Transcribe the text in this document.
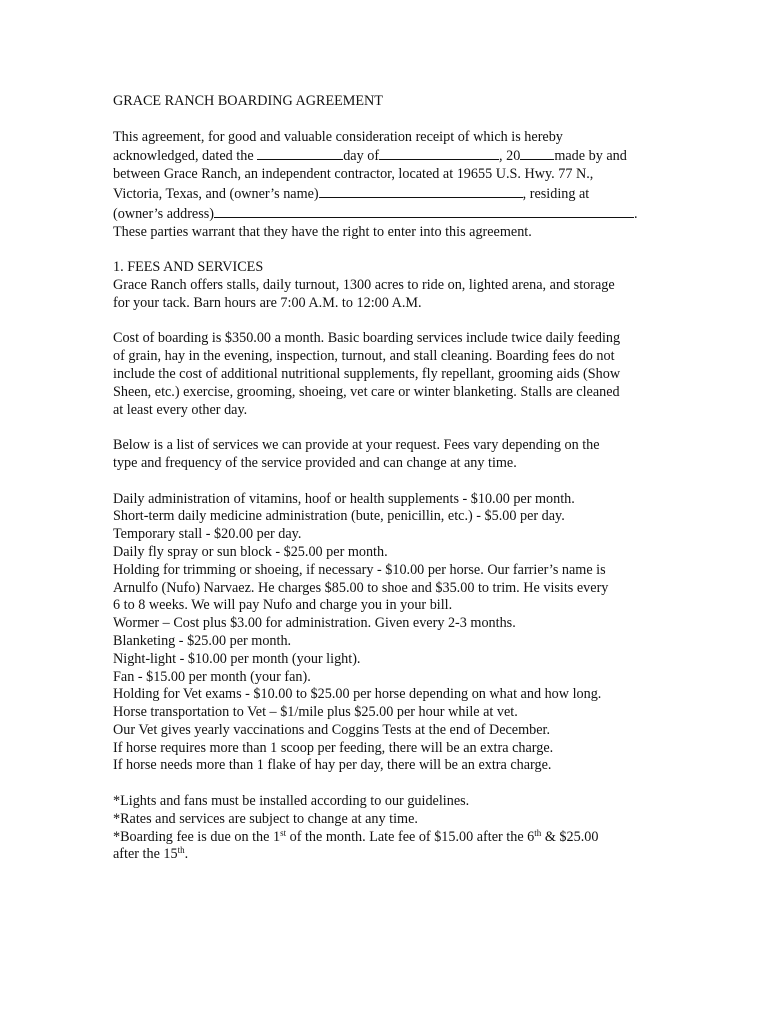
GRACE RANCH BOARDING AGREEMENT
This agreement, for good and valuable consideration receipt of which is hereby
acknowledged, dated the	day of	, 20 made by and
between Grace Ranch, an independent contractor, located at 19655 U.S. Hwy. 77 N.,
Victoria, Texas, and (owner’s name)	, residing at
(owner’s address)	.
These parties warrant that they have the right to enter into this agreement.
1. FEES AND SERVICES
Grace Ranch offers stalls, daily turnout, 1300 acres to ride on, lighted arena, and storage
for your tack. Barn hours are 7:00 A.M. to 12:00 A.M.
Cost of boarding is $350.00 a month. Basic boarding services include twice daily feeding
of grain, hay in the evening, inspection, turnout, and stall cleaning. Boarding fees do not
include the cost of additional nutritional supplements, fly repellant, grooming aids (Show
Sheen, etc.) exercise, grooming, shoeing, vet care or winter blanketing. Stalls are cleaned
at least every other day.
Below is a list of services we can provide at your request. Fees vary depending on the
type and frequency of the service provided and can change at any time.
Daily administration of vitamins, hoof or health supplements - $10.00 per month.
Short-term daily medicine administration (bute, penicillin, etc.) - $5.00 per day.
Temporary stall - $20.00 per day.
Daily fly spray or sun block - $25.00 per month.
Holding for trimming or shoeing, if necessary - $10.00 per horse. Our farrier’s name is
Arnulfo (Nufo) Narvaez. He charges $85.00 to shoe and $35.00 to trim. He visits every
6 to 8 weeks. We will pay Nufo and charge you in your bill.
Wormer – Cost plus $3.00 for administration. Given every 2-3 months.
Blanketing - $25.00 per month.
Night-light - $10.00 per month (your light).
Fan - $15.00 per month (your fan).
Holding for Vet exams - $10.00 to $25.00 per horse depending on what and how long.
Horse transportation to Vet – $1/mile plus $25.00 per hour while at vet.
Our Vet gives yearly vaccinations and Coggins Tests at the end of December.
If horse requires more than 1 scoop per feeding, there will be an extra charge.
If horse needs more than 1 flake of hay per day, there will be an extra charge.
*Lights and fans must be installed according to our guidelines.
*Rates and services are subject to change at any time.
*Boarding fee is due on the 1st of the month. Late fee of $15.00 after the 6th & $25.00
after the 15th.
